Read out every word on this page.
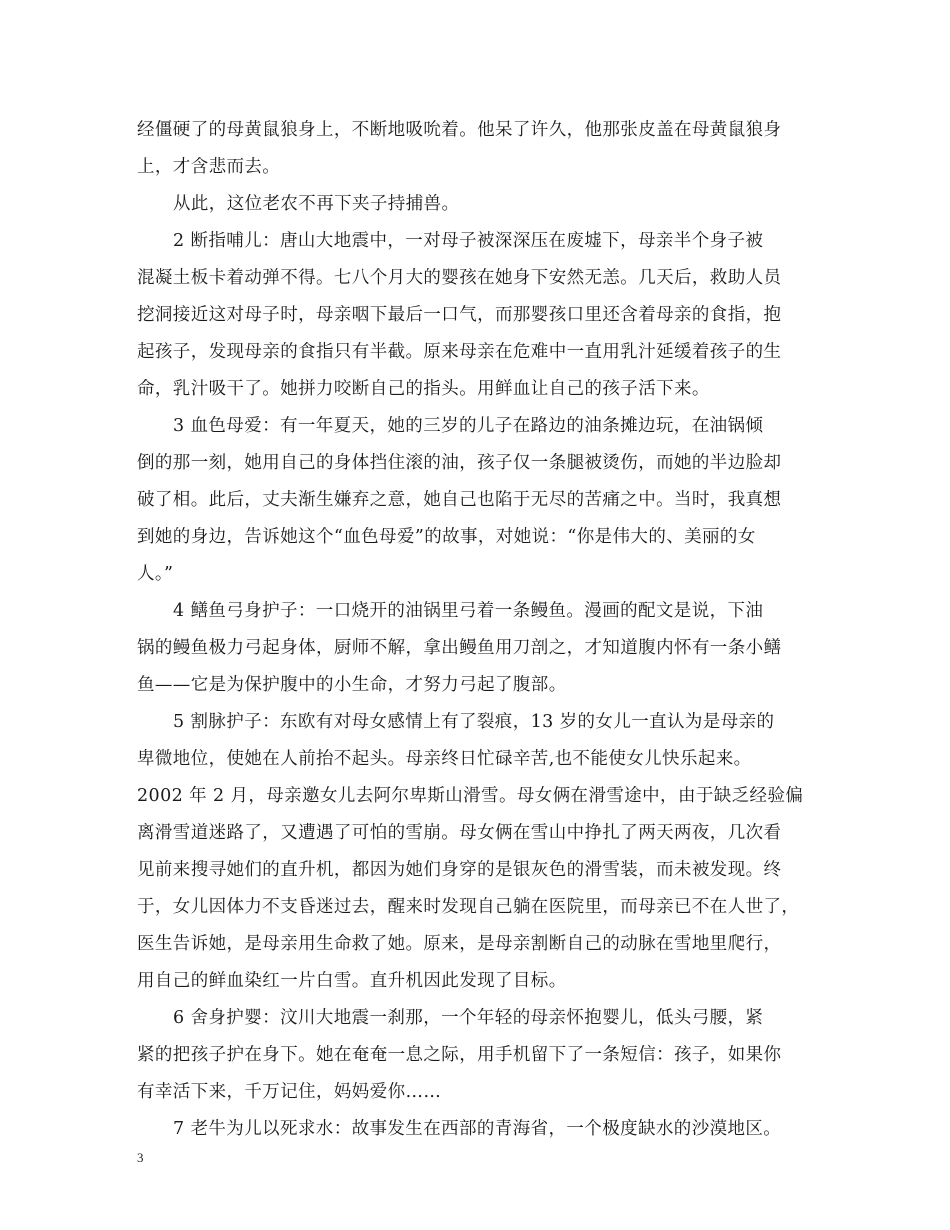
经僵硬了的母黄鼠狼身上，不断地吸吮着。他呆了许久，他那张皮盖在母黄鼠狼身
上，才含悲而去。
从此，这位老农不再下夹子持捕兽。
2 断指哺儿：唐山大地震中，一对母子被深深压在废墟下，母亲半个身子被
混凝土板卡着动弹不得。七八个月大的婴孩在她身下安然无恙。几天后，救助人员
挖洞接近这对母子时，母亲咽下最后一口气，而那婴孩口里还含着母亲的食指，抱
起孩子，发现母亲的食指只有半截。原来母亲在危难中一直用乳汁延缓着孩子的生
命，乳汁吸干了。她拼力咬断自己的指头。用鲜血让自己的孩子活下来。
3 血色母爱：有一年夏天，她的三岁的儿子在路边的油条摊边玩，在油锅倾
倒的那一刻，她用自己的身体挡住滚的油，孩子仅一条腿被烫伤，而她的半边脸却
破了相。此后，丈夫渐生嫌弃之意，她自己也陷于无尽的苦痛之中。当时，我真想
到她的身边，告诉她这个“血色母爱”的故事，对她说：“你是伟大的、美丽的女
人。”
4 鳝鱼弓身护子：一口烧开的油锅里弓着一条鳗鱼。漫画的配文是说，下油
锅的鳗鱼极力弓起身体，厨师不解，拿出鳗鱼用刀剖之，才知道腹内怀有一条小鳝
鱼——它是为保护腹中的小生命，才努力弓起了腹部。
5 割脉护子：东欧有对母女感情上有了裂痕，13 岁的女儿一直认为是母亲的
卑微地位，使她在人前抬不起头。母亲终日忙碌辛苦,也不能使女儿快乐起来。
2002 年 2 月，母亲邀女儿去阿尔卑斯山滑雪。母女俩在滑雪途中，由于缺乏经验偏
离滑雪道迷路了，又遭遇了可怕的雪崩。母女俩在雪山中挣扎了两天两夜，几次看
见前来搜寻她们的直升机，都因为她们身穿的是银灰色的滑雪装，而未被发现。终
于，女儿因体力不支昏迷过去，醒来时发现自己躺在医院里，而母亲已不在人世了，
医生告诉她，是母亲用生命救了她。原来，是母亲割断自己的动脉在雪地里爬行，
用自己的鲜血染红一片白雪。直升机因此发现了目标。
6 舍身护婴：汶川大地震一刹那，一个年轻的母亲怀抱婴儿，低头弓腰，紧
紧的把孩子护在身下。她在奄奄一息之际，用手机留下了一条短信：孩子，如果你
有幸活下来，千万记住，妈妈爱你……
7 老牛为儿以死求水：故事发生在西部的青海省，一个极度缺水的沙漠地区。
3
